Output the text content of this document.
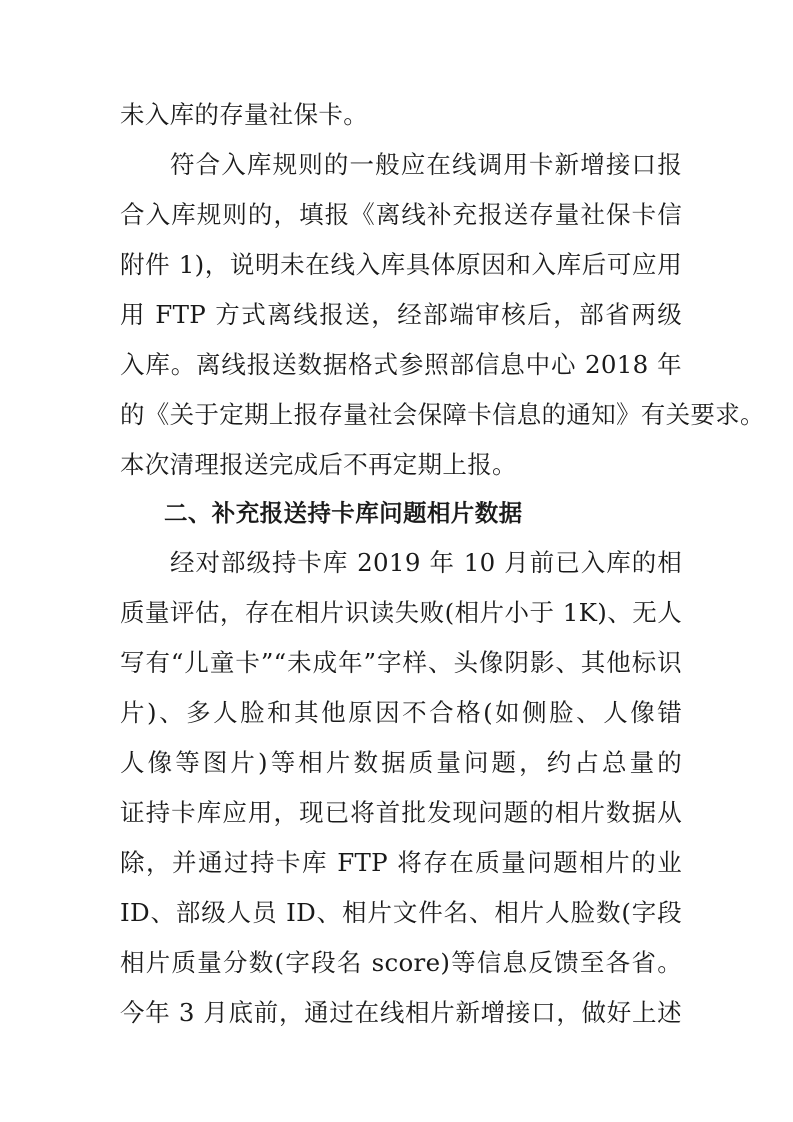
未入库的存量社保卡。
符合入库规则的一般应在线调用卡新增接口报
合入库规则的，填报《离线补充报送存量社保卡信
附件 1)，说明未在线入库具体原因和入库后可应用
用 FTP 方式离线报送，经部端审核后，部省两级
入库。离线报送数据格式参照部信息中心 2018 年
的《关于定期上报存量社会保障卡信息的通知》有关要求。
本次清理报送完成后不再定期上报。
二、补充报送持卡库问题相片数据
经对部级持卡库 2019 年 10 月前已入库的相
质量评估，存在相片识读失败(相片小于 1K)、无人
写有“儿童卡”“未成年”字样、头像阴影、其他标识
片)、多人脸和其他原因不合格(如侧脸、人像错
人像等图片)等相片数据质量问题，约占总量的
证持卡库应用，现已将首批发现问题的相片数据从
除，并通过持卡库 FTP 将存在质量问题相片的业
ID、部级人员 ID、相片文件名、相片人脸数(字段
相片质量分数(字段名 score)等信息反馈至各省。
今年 3 月底前，通过在线相片新增接口，做好上述
